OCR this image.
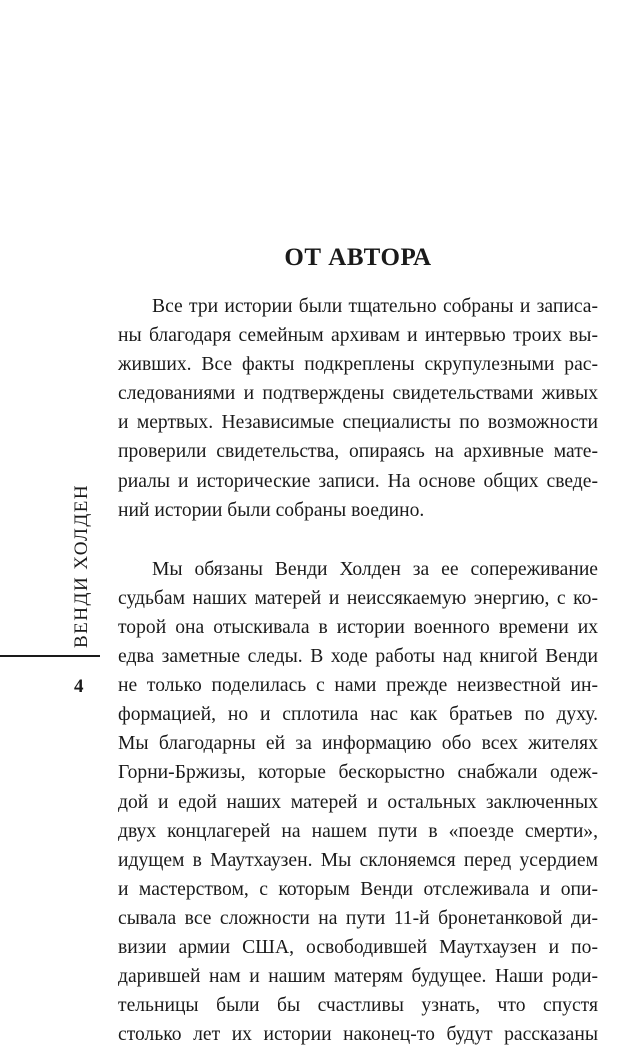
ОТ АВТОРА

Все три истории были тщательно собраны и записа-
ны благодаря семейным архивам и интервью троих вы-
живших. Все факты подкреплены скрупулезными рас-
следованиями и подтверждены свидетельствами живых
и мертвых. Независимые специалисты по возможности
проверили свидетельства, опираясь на архивные мате-
риалы и исторические записи. На основе общих сведе-
ний истории были собраны воедино.

Мы обязаны Венди Холден за ее сопереживание
судьбам наших матерей и неиссякаемую энергию, с ко-
торой она отыскивала в истории военного времени их
едва заметные следы. В ходе работы над книгой Венди
не только поделилась с нами прежде неизвестной ин-
формацией, но и сплотила нас как братьев по духу.
Мы благодарны ей за информацию обо всех жителях
Горни-Бржизы, которые бескорыстно снабжали одеж-
дой и едой наших матерей и остальных заключенных
двух концлагерей на нашем пути в «поезде смерти»,
идущем в Маутхаузен. Мы склоняемся перед усердием
и мастерством, с которым Венди отслеживала и опи-
сывала все сложности на пути 11-й бронетанковой ди-
визии армии США, освободившей Маутхаузен и по-
дарившей нам и нашим матерям будущее. Наши роди-
тельницы были бы счастливы узнать, что спустя
столько лет их истории наконец-то будут рассказаны

ВЕНДИ ХОЛДЕН
4
